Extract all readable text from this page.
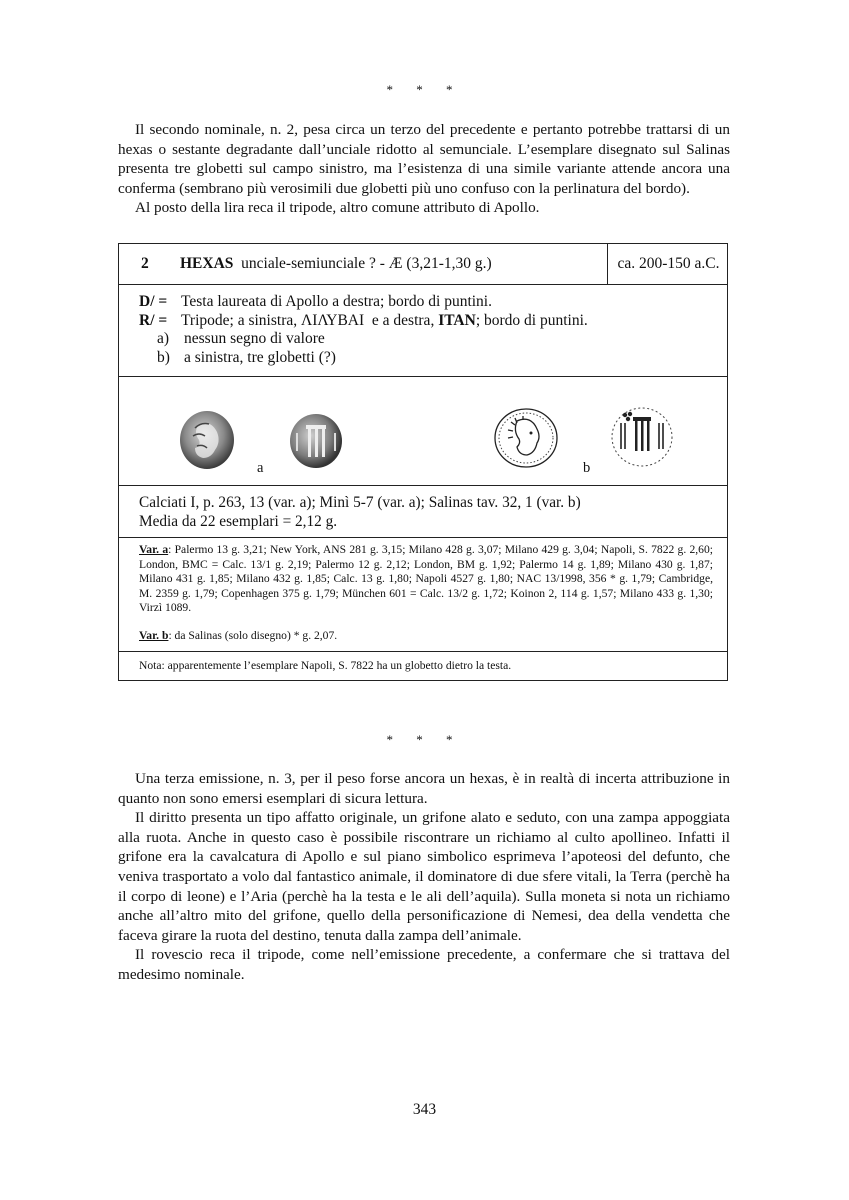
* * *

Il secondo nominale, n. 2, pesa circa un terzo del precedente e pertanto potrebbe trattarsi di un hexas o sestante degradante dall’unciale ridotto al semunciale. L’esemplare disegnato sul Salinas presenta tre globetti sul campo sinistro, ma l’esistenza di una simile variante attende ancora una conferma (sembrano più verosimili due globetti più uno confuso con la perlinatura del bordo).

Al posto della lira reca il tripode, altro comune attributo di Apollo.

2 HEXAS unciale-semiunciale ? - Æ (3,21-1,30 g.)	ca. 200-150 a.C.
D/ = Testa laureata di Apollo a destra; bordo di puntini.
R/ = Tripode; a sinistra, ΛΙΛΥΒΑΙ  e a destra, ITAN; bordo di puntini.
a) nessun segno di valore
b) a sinistra, tre globetti (?)
a	b
Calciati I, p. 263, 13 (var. a); Minì 5-7 (var. a); Salinas tav. 32, 1 (var. b)
Media da 22 esemplari = 2,12 g.
Var. a: Palermo 13 g. 3,21; New York, ANS 281 g. 3,15; Milano 428 g. 3,07; Milano 429 g. 3,04; Napoli, S. 7822 g. 2,60; London, BMC = Calc. 13/1 g. 2,19; Palermo 12 g. 2,12; London, BM g. 1,92; Palermo 14 g. 1,89; Milano 430 g. 1,87; Milano 431 g. 1,85; Milano 432 g. 1,85; Calc. 13 g. 1,80; Napoli 4527 g. 1,80; NAC 13/1998, 356 * g. 1,79; Cambridge, M. 2359 g. 1,79; Copenhagen 375 g. 1,79; München 601 = Calc. 13/2 g. 1,72; Koinon 2, 114 g. 1,57; Milano 433 g. 1,30; Virzì 1089.
Var. b: da Salinas (solo disegno) * g. 2,07.
Nota: apparentemente l’esemplare Napoli, S. 7822 ha un globetto dietro la testa.
* * *

Una terza emissione, n. 3, per il peso forse ancora un hexas, è in realtà di incerta attribuzione in quanto non sono emersi esemplari di sicura lettura.

Il diritto presenta un tipo affatto originale, un grifone alato e seduto, con una zampa appoggiata alla ruota. Anche in questo caso è possibile riscontrare un richiamo al culto apollineo. Infatti il grifone era la cavalcatura di Apollo e sul piano simbolico esprimeva l’apoteosi del defunto, che veniva trasportato a volo dal fantastico animale, il dominatore di due sfere vitali, la Terra (perchè ha il corpo di leone) e l’Aria (perchè ha la testa e le ali dell’aquila). Sulla moneta si nota un richiamo anche all’altro mito del grifone, quello della personificazione di Nemesi, dea della vendetta che faceva girare la ruota del destino, tenuta dalla zampa dell’animale.

Il rovescio reca il tripode, come nell’emissione precedente, a confermare che si trattava del medesimo nominale.

343
